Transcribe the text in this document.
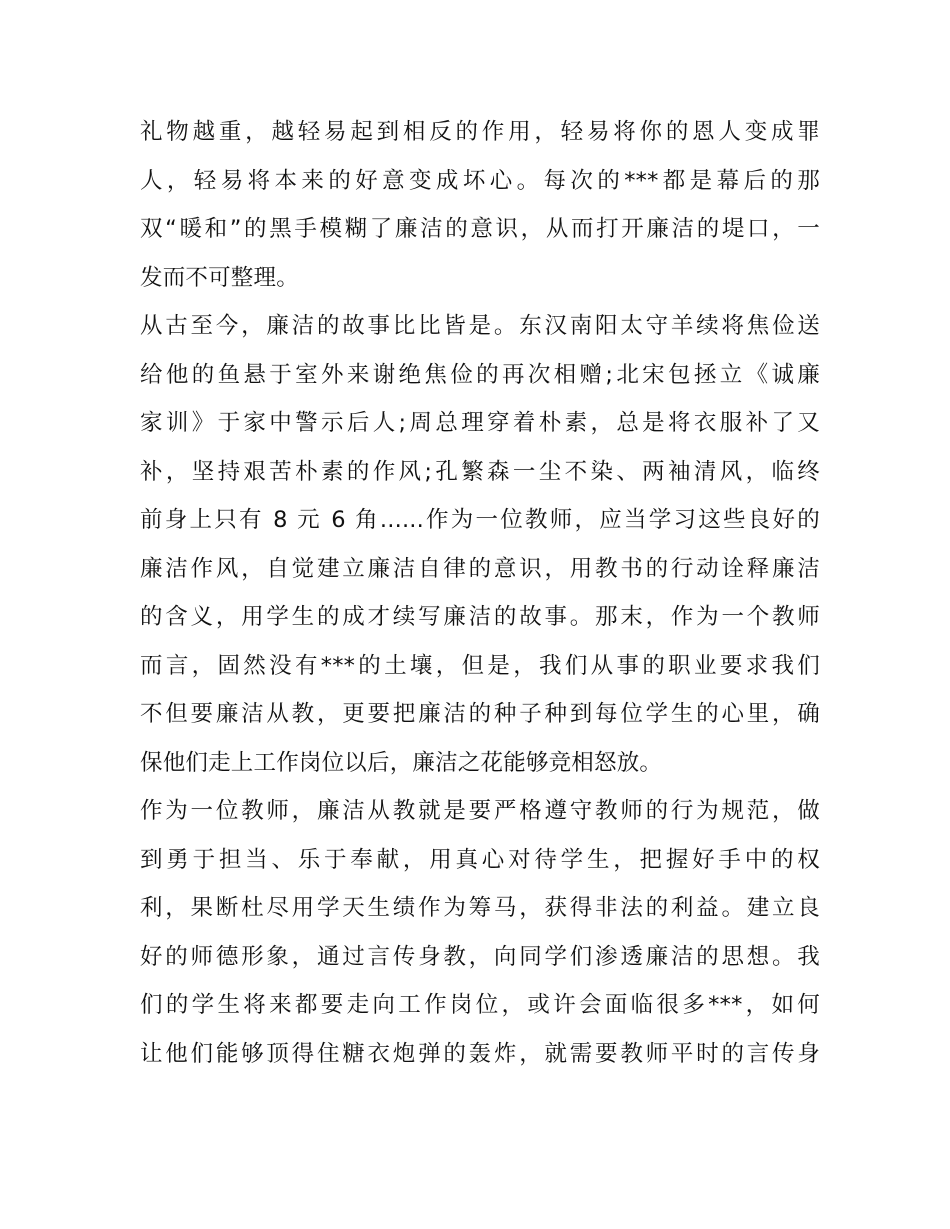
礼物越重，越轻易起到相反的作用，轻易将你的恩人变成罪
人，轻易将本来的好意变成坏心。每次的***都是幕后的那
双“暖和”的黑手模糊了廉洁的意识，从而打开廉洁的堤口，一
发而不可整理。
从古至今，廉洁的故事比比皆是。东汉南阳太守羊续将焦俭送
给他的鱼悬于室外来谢绝焦俭的再次相赠;北宋包拯立《诚廉
家训》于家中警示后人;周总理穿着朴素，总是将衣服补了又
补，坚持艰苦朴素的作风;孔繁森一尘不染、两袖清风，临终
前身上只有 8 元 6 角......作为一位教师，应当学习这些良好的
廉洁作风，自觉建立廉洁自律的意识，用教书的行动诠释廉洁
的含义，用学生的成才续写廉洁的故事。那末，作为一个教师
而言，固然没有***的土壤，但是，我们从事的职业要求我们
不但要廉洁从教，更要把廉洁的种子种到每位学生的心里，确
保他们走上工作岗位以后，廉洁之花能够竞相怒放。
作为一位教师，廉洁从教就是要严格遵守教师的行为规范，做
到勇于担当、乐于奉献，用真心对待学生，把握好手中的权
利，果断杜尽用学天生绩作为筹马，获得非法的利益。建立良
好的师德形象，通过言传身教，向同学们渗透廉洁的思想。我
们的学生将来都要走向工作岗位，或许会面临很多***，如何
让他们能够顶得住糖衣炮弹的轰炸，就需要教师平时的言传身
